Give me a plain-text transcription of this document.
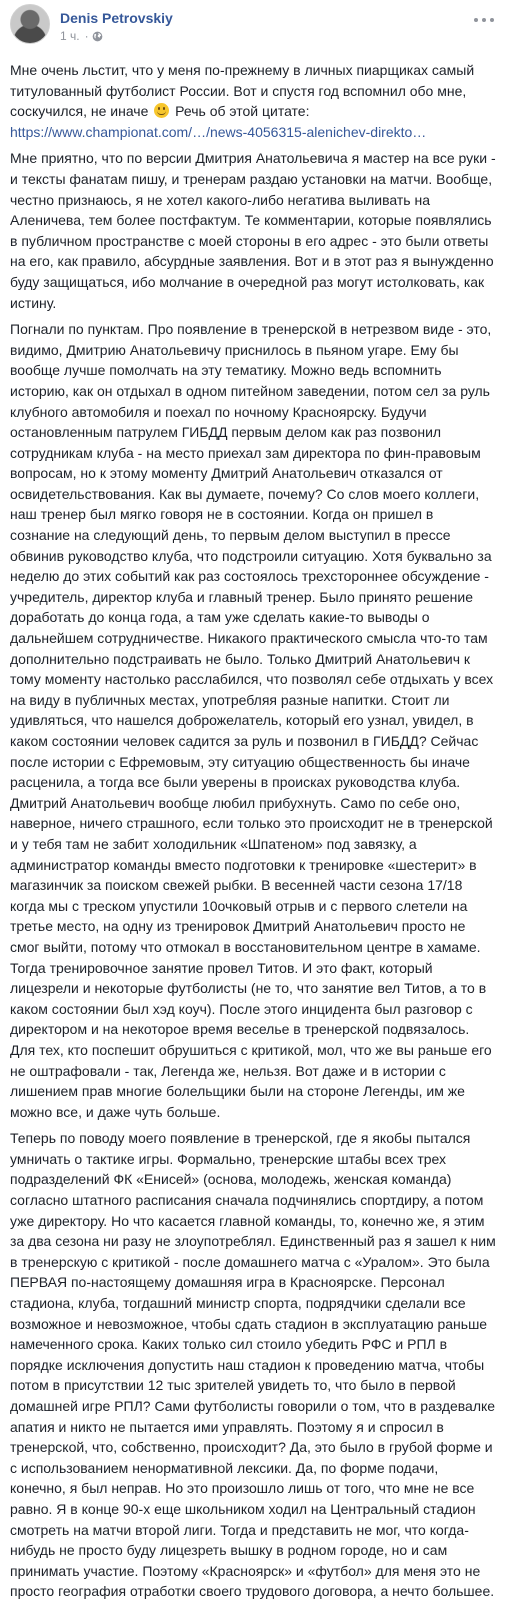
Denis Petrovskiy
1 ч. ·

Мне очень льстит, что у меня по-прежнему в личных пиарщиках самый титулованный футболист России. Вот и спустя год вспомнил обо мне, соскучился, не иначе Речь об этой цитате:
https://www.championat.com/…/news-4056315-alenichev-direkto…

Мне приятно, что по версии Дмитрия Анатольевича я мастер на все руки - и тексты фанатам пишу, и тренерам раздаю установки на матчи. Вообще, честно признаюсь, я не хотел какого-либо негатива выливать на Аленичева, тем более постфактум. Те комментарии, которые появлялись в публичном пространстве с моей стороны в его адрес - это были ответы на его, как правило, абсурдные заявления. Вот и в этот раз я вынужденно буду защищаться, ибо молчание в очередной раз могут истолковать, как истину.

Погнали по пунктам. Про появление в тренерской в нетрезвом виде - это, видимо, Дмитрию Анатольевичу приснилось в пьяном угаре. Ему бы вообще лучше помолчать на эту тематику. Можно ведь вспомнить историю, как он отдыхал в одном питейном заведении, потом сел за руль клубного автомобиля и поехал по ночному Красноярску. Будучи остановленным патрулем ГИБДД первым делом как раз позвонил сотрудникам клуба - на место приехал зам директора по фин-правовым вопросам, но к этому моменту Дмитрий Анатольевич отказался от освидетельствования. Как вы думаете, почему? Со слов моего коллеги, наш тренер был мягко говоря не в состоянии. Когда он пришел в сознание на следующий день, то первым делом выступил в прессе обвинив руководство клуба, что подстроили ситуацию. Хотя буквально за неделю до этих событий как раз состоялось трехстороннее обсуждение - учредитель, директор клуба и главный тренер. Было принято решение доработать до конца года, а там уже сделать какие-то выводы о дальнейшем сотрудничестве. Никакого практического смысла что-то там дополнительно подстраивать не было. Только Дмитрий Анатольевич к тому моменту настолько расслабился, что позволял себе отдыхать у всех на виду в публичных местах, употребляя разные напитки. Стоит ли удивляться, что нашелся доброжелатель, который его узнал, увидел, в каком состоянии человек садится за руль и позвонил в ГИБДД? Сейчас после истории с Ефремовым, эту ситуацию общественность бы иначе расценила, а тогда все были уверены в происках руководства клуба. Дмитрий Анатольевич вообще любил прибухнуть. Само по себе оно, наверное, ничего страшного, если только это происходит не в тренерской и у тебя там не забит холодильник «Шпатеном» под завязку, а администратор команды вместо подготовки к тренировке «шестерит» в магазинчик за поиском свежей рыбки. В весенней части сезона 17/18 когда мы с треском упустили 10очковый отрыв и с первого слетели на третье место, на одну из тренировок Дмитрий Анатольевич просто не смог выйти, потому что отмокал в восстановительном центре в хамаме. Тогда тренировочное занятие провел Титов. И это факт, который лицезрели и некоторые футболисты (не то, что занятие вел Титов, а то в каком состоянии был хэд коуч). После этого инцидента был разговор с директором и на некоторое время веселье в тренерской подвязалось. Для тех, кто поспешит обрушиться с критикой, мол, что же вы раньше его не оштрафовали - так, Легенда же, нельзя. Вот даже и в истории с лишением прав многие болельщики были на стороне Легенды, им же можно все, и даже чуть больше.

Теперь по поводу моего появление в тренерской, где я якобы пытался умничать о тактике игры. Формально, тренерские штабы всех трех подразделений ФК «Енисей» (основа, молодежь, женская команда) согласно штатного расписания сначала подчинялись спортдиру, а потом уже директору. Но что касается главной команды, то, конечно же, я этим за два сезона ни разу не злоупотреблял. Единственный раз я зашел к ним в тренерскую с критикой - после домашнего матча с «Уралом». Это была ПЕРВАЯ по-настоящему домашняя игра в Красноярске. Персонал стадиона, клуба, тогдашний министр спорта, подрядчики сделали все возможное и невозможное, чтобы сдать стадион в эксплуатацию раньше намеченного срока. Каких только сил стоило убедить РФС и РПЛ в порядке исключения допустить наш стадион к проведению матча, чтобы потом в присутствии 12 тыс зрителей увидеть то, что было в первой домашней игре РПЛ? Сами футболисты говорили о том, что в раздевалке апатия и никто не пытается ими управлять. Поэтому я и спросил в тренерской, что, собственно, происходит? Да, это было в грубой форме и с использованием ненормативной лексики. Да, по форме подачи, конечно, я был неправ. Но это произошло лишь от того, что мне не все равно. Я в конце 90-х еще школьником ходил на Центральный стадион смотреть на матчи второй лиги. Тогда и представить не мог, что когда-нибудь не просто буду лицезреть вышку в родном городе, но и сам принимать участие. Поэтому «Красноярск» и «футбол» для меня это не просто география отработки своего трудового договора, а нечто большее.
